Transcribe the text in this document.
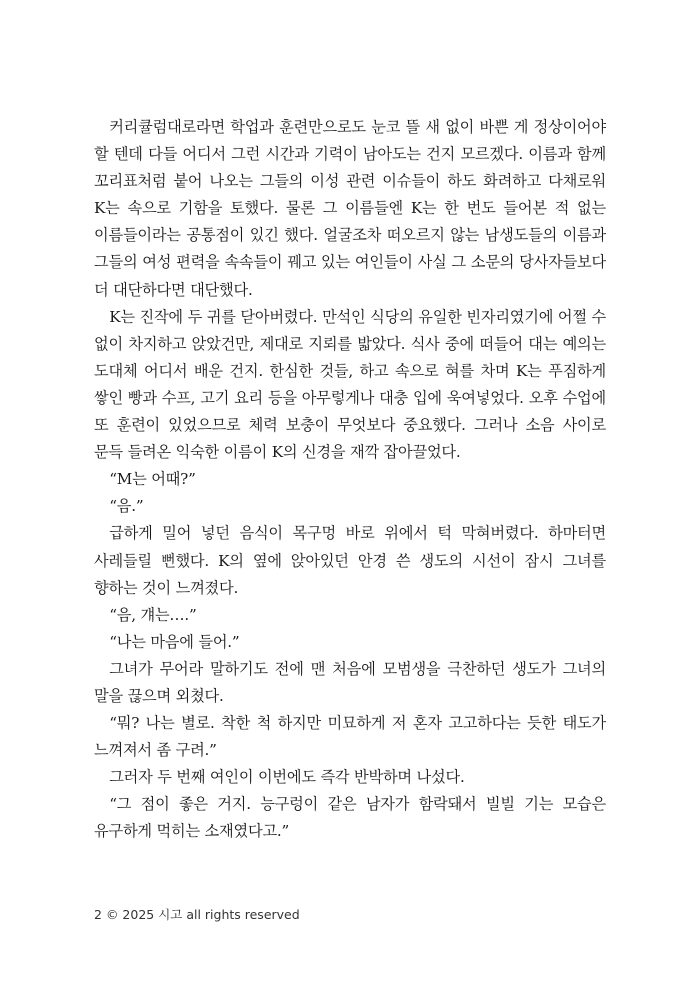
커리큘럼대로라면 학업과 훈련만으로도 눈코 뜰 새 없이 바쁜 게 정상이어야 할 텐데 다들 어디서 그런 시간과 기력이 남아도는 건지 모르겠다. 이름과 함께 꼬리표처럼 붙어 나오는 그들의 이성 관련 이슈들이 하도 화려하고 다채로워 K는 속으로 기함을 토했다. 물론 그 이름들엔 K는 한 번도 들어본 적 없는 이름들이라는 공통점이 있긴 했다. 얼굴조차 떠오르지 않는 남생도들의 이름과 그들의 여성 편력을 속속들이 꿰고 있는 여인들이 사실 그 소문의 당사자들보다 더 대단하다면 대단했다.

K는 진작에 두 귀를 닫아버렸다. 만석인 식당의 유일한 빈자리였기에 어쩔 수 없이 차지하고 앉았건만, 제대로 지뢰를 밟았다. 식사 중에 떠들어 대는 예의는 도대체 어디서 배운 건지. 한심한 것들, 하고 속으로 혀를 차며 K는 푸짐하게 쌓인 빵과 수프, 고기 요리 등을 아무렇게나 대충 입에 욱여넣었다. 오후 수업에 또 훈련이 있었으므로 체력 보충이 무엇보다 중요했다. 그러나 소음 사이로 문득 들려온 익숙한 이름이 K의 신경을 재깍 잡아끌었다.

“M는 어때?”

“음.”

급하게 밀어 넣던 음식이 목구멍 바로 위에서 턱 막혀버렸다. 하마터면 사레들릴 뻔했다. K의 옆에 앉아있던 안경 쓴 생도의 시선이 잠시 그녀를 향하는 것이 느껴졌다.

“음, 걔는….”

“나는 마음에 들어.”

그녀가 무어라 말하기도 전에 맨 처음에 모범생을 극찬하던 생도가 그녀의 말을 끊으며 외쳤다.

“뭐? 나는 별로. 착한 척 하지만 미묘하게 저 혼자 고고하다는 듯한 태도가 느껴져서 좀 구려.”

그러자 두 번째 여인이 이번에도 즉각 반박하며 나섰다.

“그 점이 좋은 거지. 능구렁이 같은 남자가 함락돼서 빌빌 기는 모습은 유구하게 먹히는 소재였다고.”

2 © 2025 시고 all rights reserved
